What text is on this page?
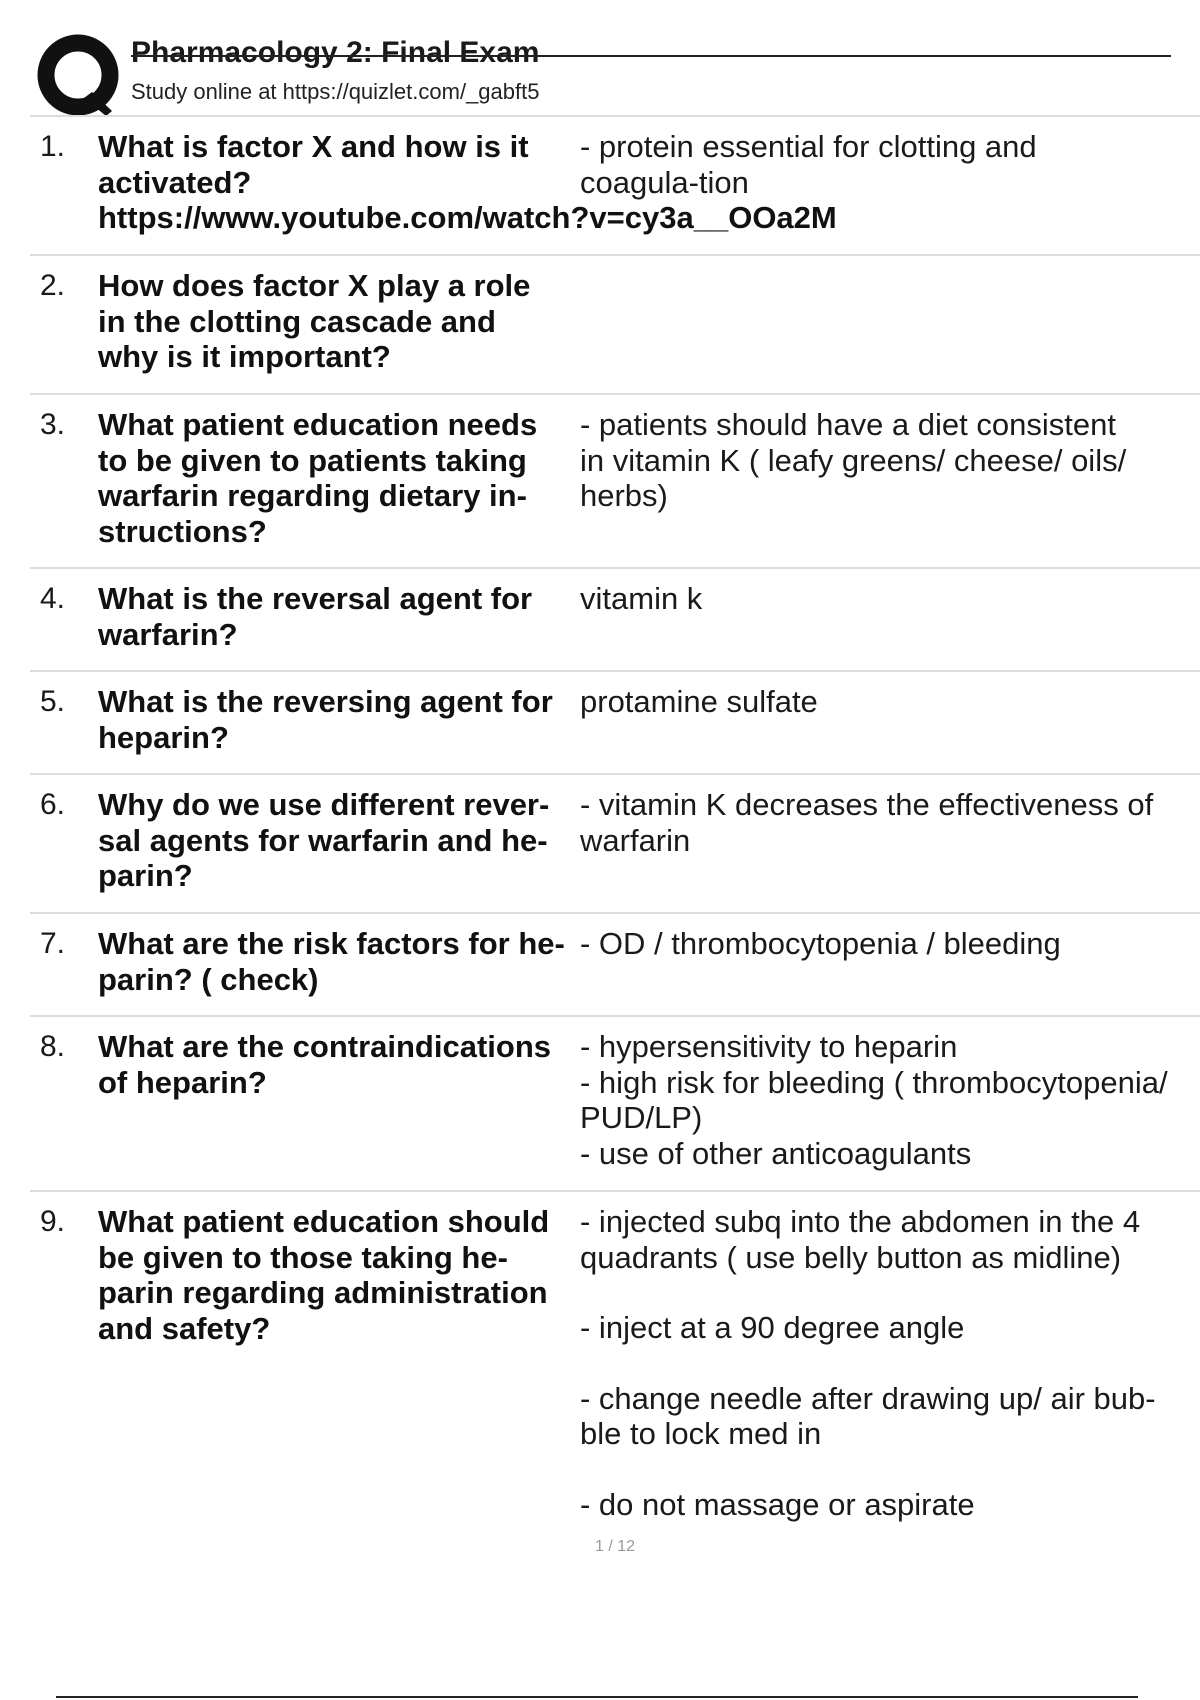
Pharmacology 2: Final Exam
Study online at https://quizlet.com/_gabft5
1. What is factor X and how is it activated?
https://www.youtube.com/watch?v=cy3a__OOa2M
- protein essential for clotting and coagula-tion
2. How does factor X play a role in the clotting cascade and why is it important?
3. What patient education needs to be given to patients taking warfarin regarding dietary in-structions?
- patients should have a diet consistent in vitamin K ( leafy greens/ cheese/ oils/ herbs)
4. What is the reversal agent for warfarin?
vitamin k
5. What is the reversing agent for heparin?
protamine sulfate
6. Why do we use different rever-sal agents for warfarin and he-parin?
- vitamin K decreases the effectiveness of warfarin
7. What are the risk factors for he-parin? ( check)
- OD / thrombocytopenia / bleeding
8. What are the contraindications of heparin?
- hypersensitivity to heparin
- high risk for bleeding ( thrombocytopenia/ PUD/LP)
- use of other anticoagulants
9. What patient education should be given to those taking he-parin regarding administration and safety?
- injected subq into the abdomen in the 4 quadrants ( use belly button as midline)
- inject at a 90 degree angle
- change needle after drawing up/ air bub-ble to lock med in
- do not massage or aspirate
1 / 12
